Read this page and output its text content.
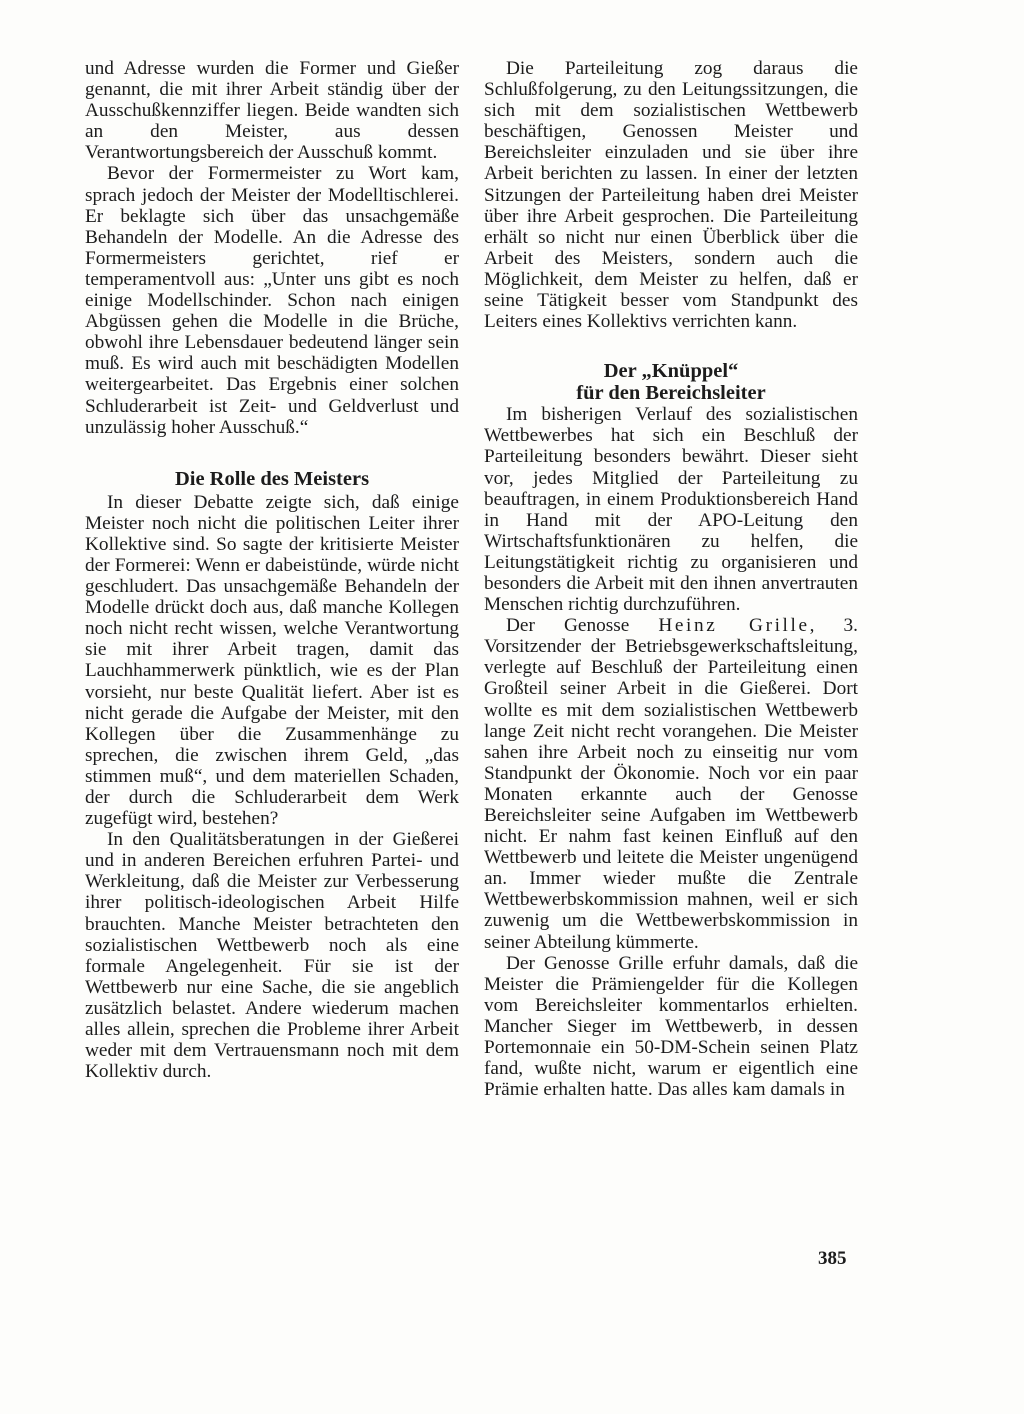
und Adresse wurden die Former und Gießer genannt, die mit ihrer Arbeit ständig über der Ausschußkennziffer liegen. Beide wandten sich an den Meister, aus dessen Verantwortungsbereich der Ausschuß kommt.

Bevor der Formermeister zu Wort kam, sprach jedoch der Meister der Modelltischlerei. Er beklagte sich über das unsachgemäße Behandeln der Modelle. An die Adresse des Formermeisters gerichtet, rief er temperamentvoll aus: „Unter uns gibt es noch einige Modellschinder. Schon nach einigen Abgüssen gehen die Modelle in die Brüche, obwohl ihre Lebensdauer bedeutend länger sein muß. Es wird auch mit beschädigten Modellen weitergearbeitet. Das Ergebnis einer solchen Schluderarbeit ist Zeit- und Geldverlust und unzulässig hoher Ausschuß.“

Die Rolle des Meisters

In dieser Debatte zeigte sich, daß einige Meister noch nicht die politischen Leiter ihrer Kollektive sind. So sagte der kritisierte Meister der Formerei: Wenn er dabeistünde, würde nicht geschludert. Das unsachgemäße Behandeln der Modelle drückt doch aus, daß manche Kollegen noch nicht recht wissen, welche Verantwortung sie mit ihrer Arbeit tragen, damit das Lauchhammerwerk pünktlich, wie es der Plan vorsieht, nur beste Qualität liefert. Aber ist es nicht gerade die Aufgabe der Meister, mit den Kollegen über die Zusammenhänge zu sprechen, die zwischen ihrem Geld, „das stimmen muß“, und dem materiellen Schaden, der durch die Schluderarbeit dem Werk zugefügt wird, bestehen?

In den Qualitätsberatungen in der Gießerei und in anderen Bereichen erfuhren Partei- und Werkleitung, daß die Meister zur Verbesserung ihrer politisch-ideologischen Arbeit Hilfe brauchten. Manche Meister betrachteten den sozialistischen Wettbewerb noch als eine formale Angelegenheit. Für sie ist der Wettbewerb nur eine Sache, die sie angeblich zusätzlich belastet. Andere wiederum machen alles allein, sprechen die Probleme ihrer Arbeit weder mit dem Vertrauensmann noch mit dem Kollektiv durch.

Die Parteileitung zog daraus die Schlußfolgerung, zu den Leitungssitzungen, die sich mit dem sozialistischen Wettbewerb beschäftigen, Genossen Meister und Bereichsleiter einzuladen und sie über ihre Arbeit berichten zu lassen. In einer der letzten Sitzungen der Parteileitung haben drei Meister über ihre Arbeit gesprochen. Die Parteileitung erhält so nicht nur einen Überblick über die Arbeit des Meisters, sondern auch die Möglichkeit, dem Meister zu helfen, daß er seine Tätigkeit besser vom Standpunkt des Leiters eines Kollektivs verrichten kann.

Der „Knüppel“
für den Bereichsleiter

Im bisherigen Verlauf des sozialistischen Wettbewerbes hat sich ein Beschluß der Parteileitung besonders bewährt. Dieser sieht vor, jedes Mitglied der Parteileitung zu beauftragen, in einem Produktionsbereich Hand in Hand mit der APO-Leitung den Wirtschaftsfunktionären zu helfen, die Leitungstätigkeit richtig zu organisieren und besonders die Arbeit mit den ihnen anvertrauten Menschen richtig durchzuführen.

Der Genosse Heinz Grille, 3. Vorsitzender der Betriebsgewerkschaftsleitung, verlegte auf Beschluß der Parteileitung einen Großteil seiner Arbeit in die Gießerei. Dort wollte es mit dem sozialistischen Wettbewerb lange Zeit nicht recht vorangehen. Die Meister sahen ihre Arbeit noch zu einseitig nur vom Standpunkt der Ökonomie. Noch vor ein paar Monaten erkannte auch der Genosse Bereichsleiter seine Aufgaben im Wettbewerb nicht. Er nahm fast keinen Einfluß auf den Wettbewerb und leitete die Meister ungenügend an. Immer wieder mußte die Zentrale Wettbewerbskommission mahnen, weil er sich zuwenig um die Wettbewerbskommission in seiner Abteilung kümmerte.

Der Genosse Grille erfuhr damals, daß die Meister die Prämiengelder für die Kollegen vom Bereichsleiter kommentarlos erhielten. Mancher Sieger im Wettbewerb, in dessen Portemonnaie ein 50-DM-Schein seinen Platz fand, wußte nicht, warum er eigentlich eine Prämie erhalten hatte. Das alles kam damals in

385
